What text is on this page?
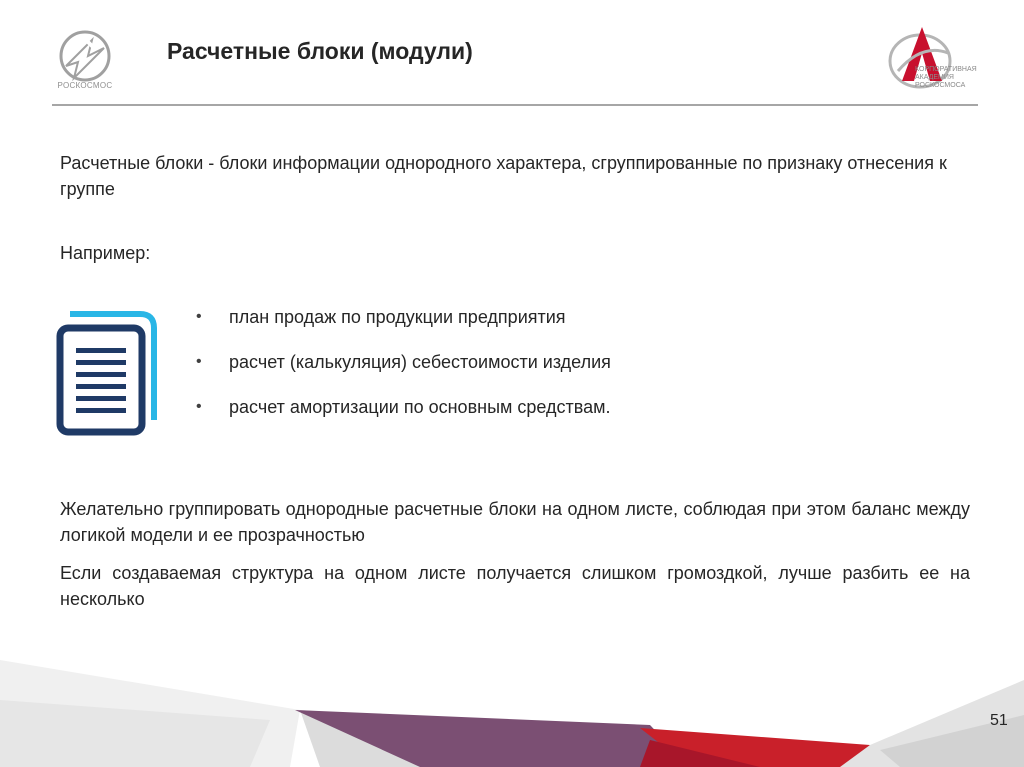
РОСКОСМОС
Расчетные блоки (модули)
КОРПОРАТИВНАЯ
АКАДЕМИЯ
РОСКОСМОСА

Расчетные блоки - блоки информации однородного характера, сгруппированные по признаку отнесения к группе

Например:

• план продаж по продукции предприятия
• расчет (калькуляция) себестоимости изделия
• расчет амортизации по основным средствам.

Желательно группировать однородные расчетные блоки на одном листе, соблюдая при этом баланс между логикой модели и ее прозрачностью

Если создаваемая структура на одном листе получается слишком громоздкой, лучше разбить ее на несколько

51
